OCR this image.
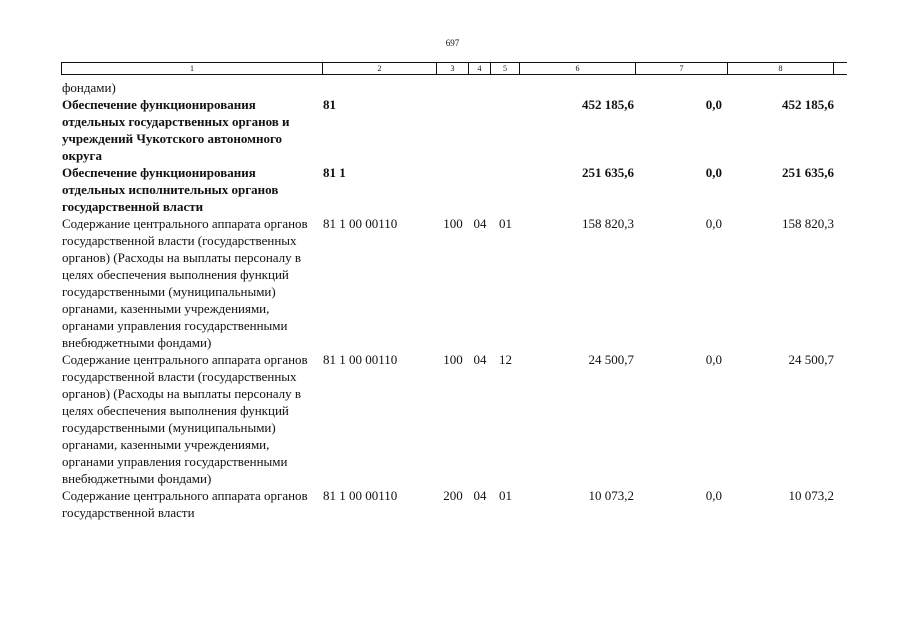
697
1	2	3	4	5	6	7	8
фондами)
Обеспечение функционирования отдельных государственных органов и учреждений Чукотского автономного округа
81	452 185,6	0,0	452 185,6
Обеспечение функционирования отдельных исполнительных органов государственной власти
81 1	251 635,6	0,0	251 635,6
Содержание центрального аппарата органов государственной власти (государственных органов) (Расходы на выплаты персоналу в целях обеспечения выполнения функций государственными (муниципальными) органами, казенными учреждениями, органами управления государственными внебюджетными фондами)
81 1 00 00110	100 04 01	158 820,3	0,0	158 820,3
Содержание центрального аппарата органов государственной власти (государственных органов) (Расходы на выплаты персоналу в целях обеспечения выполнения функций государственными (муниципальными) органами, казенными учреждениями, органами управления государственными внебюджетными фондами)
81 1 00 00110	100 04 12	24 500,7	0,0	24 500,7
Содержание центрального аппарата органов государственной власти
81 1 00 00110	200 04 01	10 073,2	0,0	10 073,2
